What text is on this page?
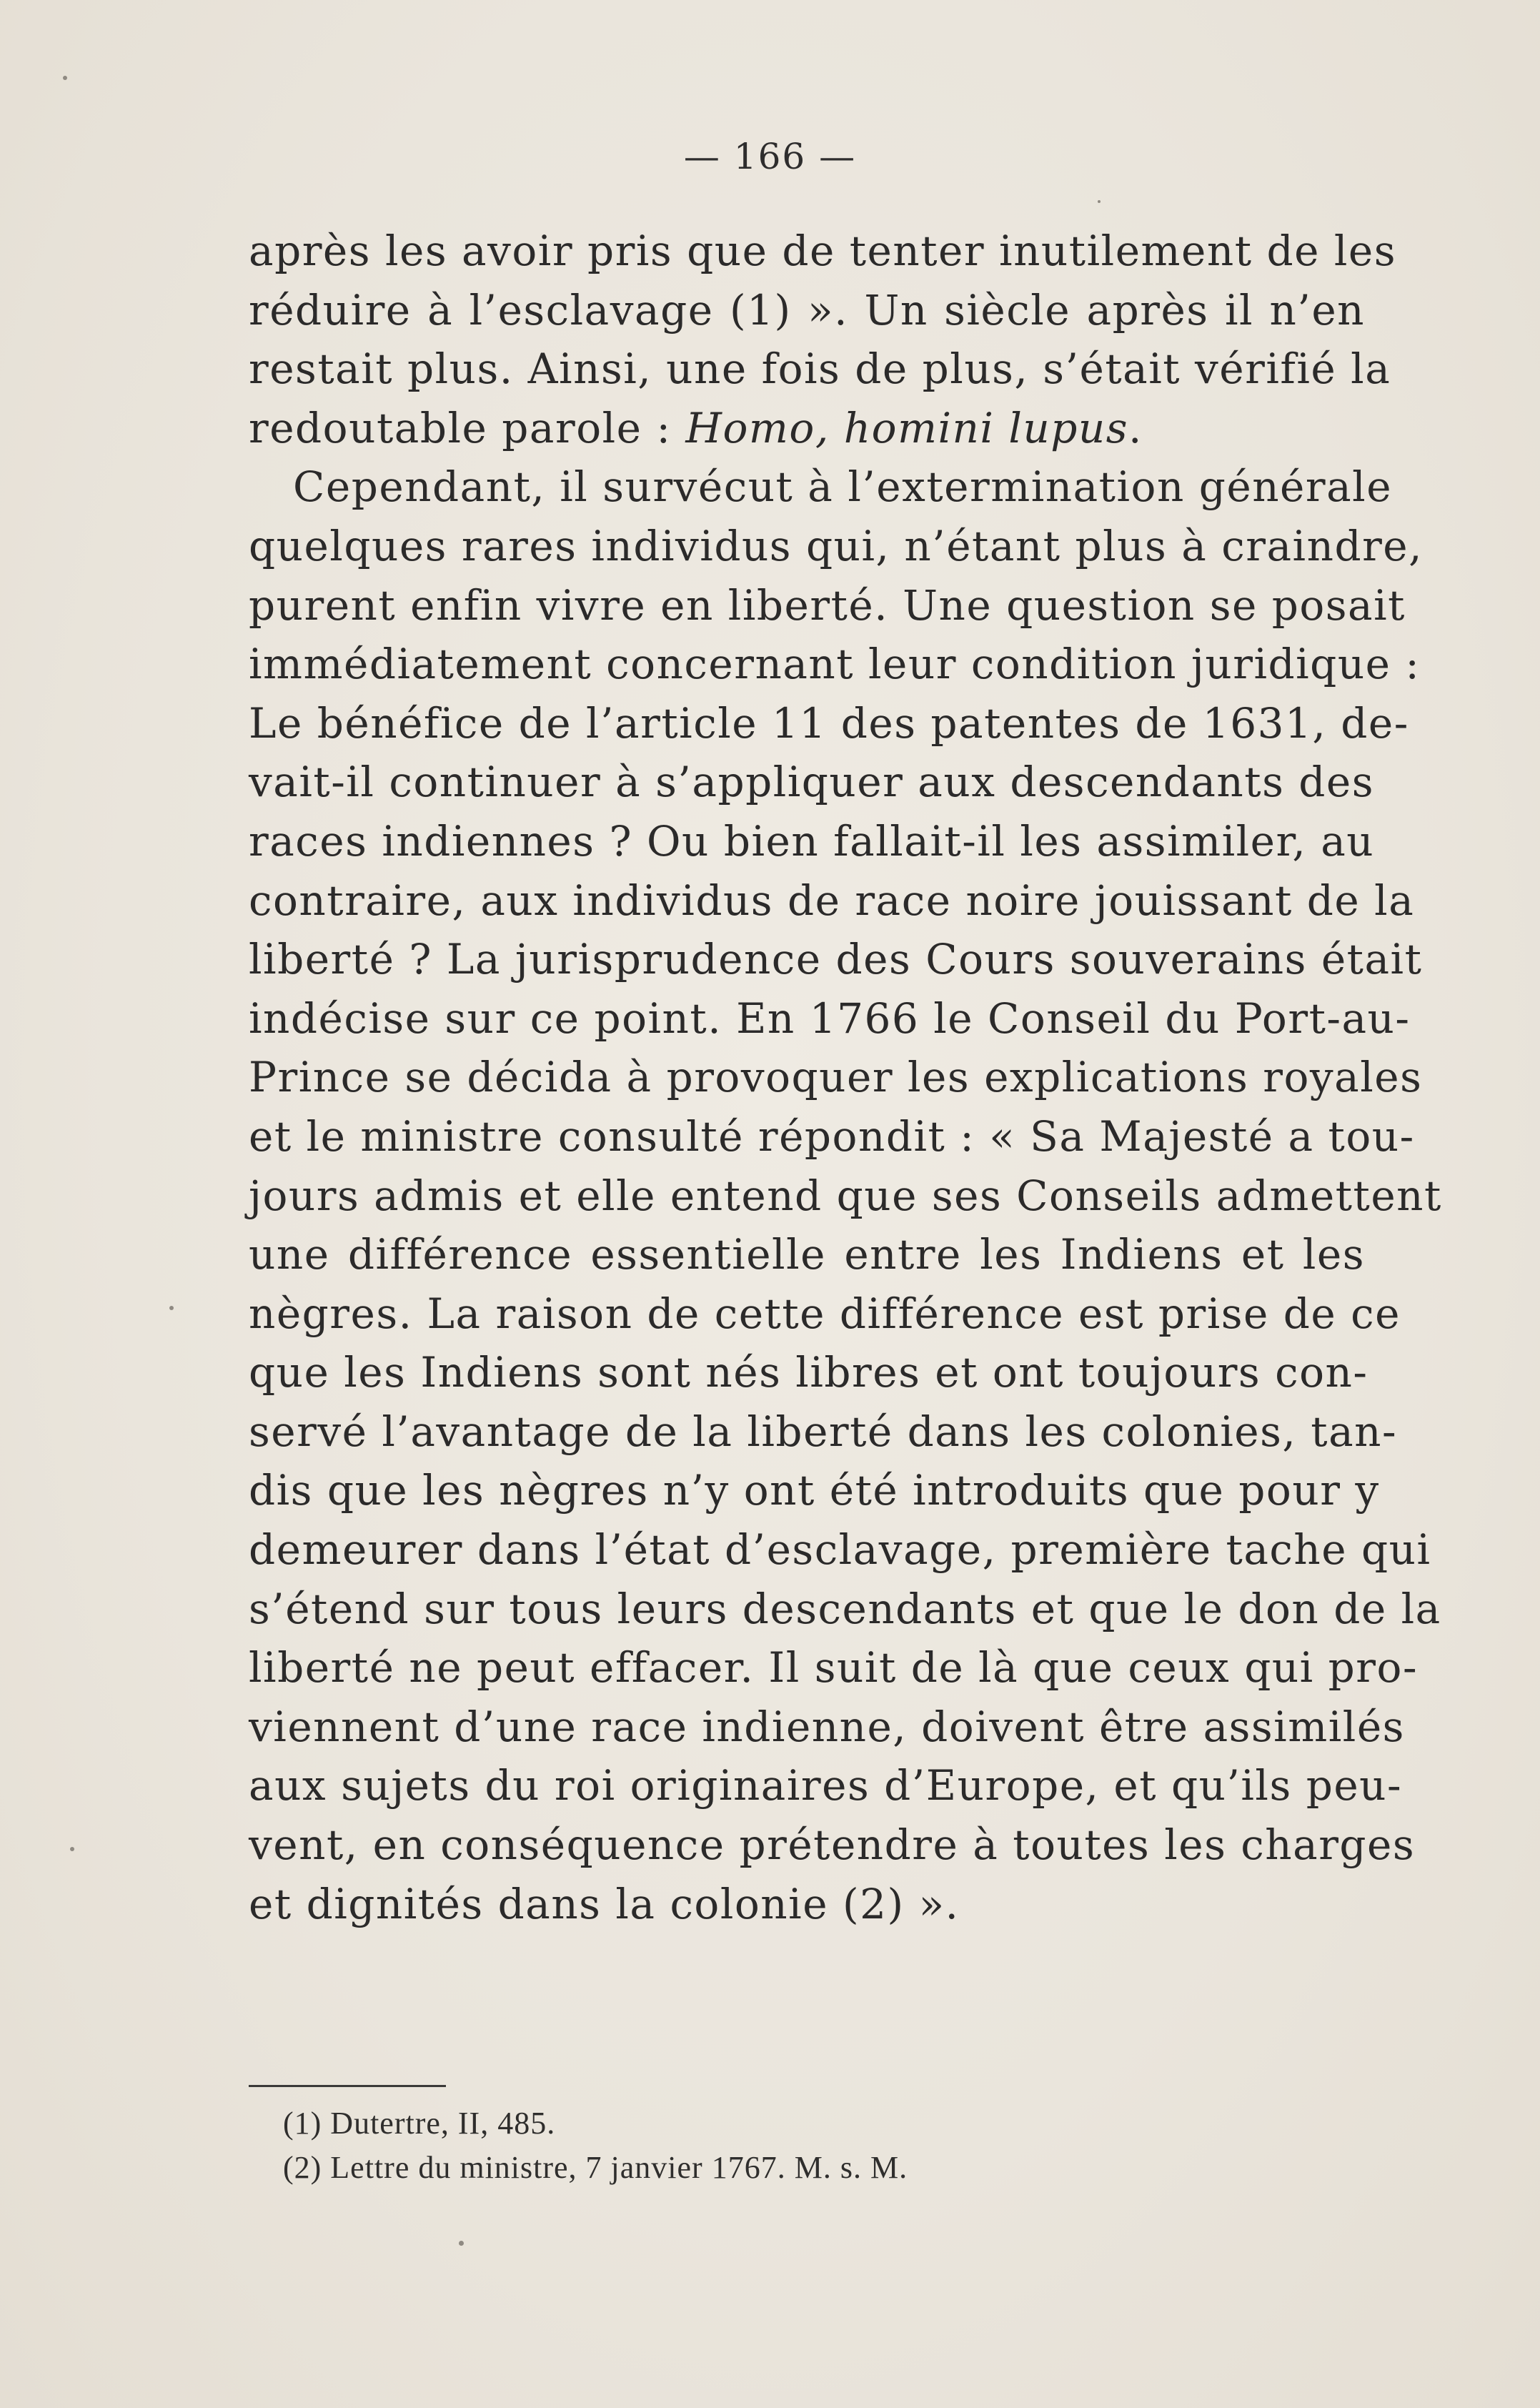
— 166 —
après les avoir pris que de tenter inutilement de les
réduire à l’esclavage (1) ». Un siècle après il n’en
restait plus. Ainsi, une fois de plus, s’était vérifié la
redoutable parole : Homo, homini lupus.
Cependant, il survécut à l’extermination générale
quelques rares individus qui, n’étant plus à craindre,
purent enfin vivre en liberté. Une question se posait
immédiatement concernant leur condition juridique :
Le bénéfice de l’article 11 des patentes de 1631, de-
vait-il continuer à s’appliquer aux descendants des
races indiennes ? Ou bien fallait-il les assimiler, au
contraire, aux individus de race noire jouissant de la
liberté ? La jurisprudence des Cours souverains était
indécise sur ce point. En 1766 le Conseil du Port-au-
Prince se décida à provoquer les explications royales
et le ministre consulté répondit : « Sa Majesté a tou-
jours admis et elle entend que ses Conseils admettent
une différence essentielle entre les Indiens et les
nègres. La raison de cette différence est prise de ce
que les Indiens sont nés libres et ont toujours con-
servé l’avantage de la liberté dans les colonies, tan-
dis que les nègres n’y ont été introduits que pour y
demeurer dans l’état d’esclavage, première tache qui
s’étend sur tous leurs descendants et que le don de la
liberté ne peut effacer. Il suit de là que ceux qui pro-
viennent d’une race indienne, doivent être assimilés
aux sujets du roi originaires d’Europe, et qu’ils peu-
vent, en conséquence prétendre à toutes les charges
et dignités dans la colonie (2) ».
(1) Dutertre, II, 485.
(2) Lettre du ministre, 7 janvier 1767. M. s. M.
